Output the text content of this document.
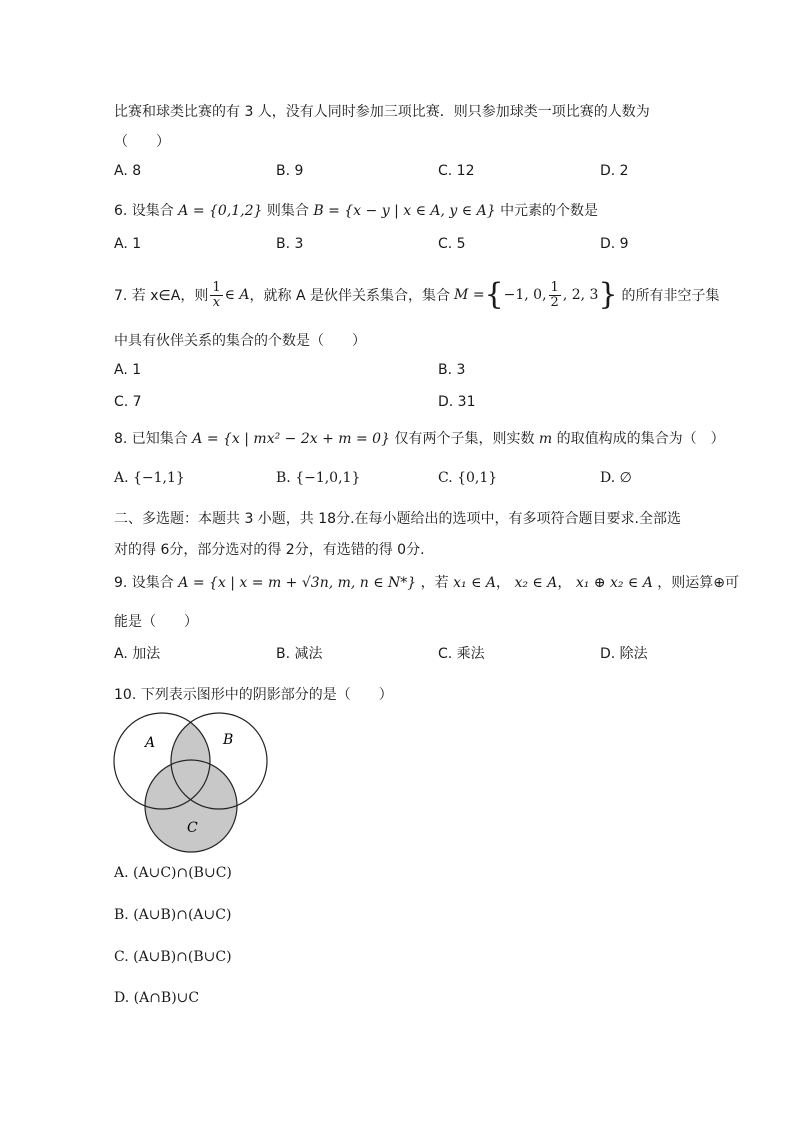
比赛和球类比赛的有 3 人，没有人同时参加三项比赛．则只参加球类一项比赛的人数为
（　　）
A. 8	B. 9	C. 12	D. 2
6. 设集合 A = {0,1,2} 则集合 B = {x − y | x ∈ A, y ∈ A} 中元素的个数是
A. 1	B. 3	C. 5	D. 9
7. 若 x∈A，则 $\frac{1}{x}$ ∈ A ，就称 A 是伙伴关系集合，集合 M = { −1, 0, $\frac{1}{2}$ , 2, 3 } 的所有非空子集
中具有伙伴关系的集合的个数是（　　）
A. 1	B. 3
C. 7	D. 31
8. 已知集合 A = {x | mx² − 2x + m = 0} 仅有两个子集，则实数 m 的取值构成的集合为（　）
A. {−1,1}	B. {−1,0,1}	C. {0,1}	D. ∅
二、多选题：本题共 3 小题，共 18分.在每小题给出的选项中，有多项符合题目要求.全部选
对的得 6分，部分选对的得 2分，有选错的得 0分.
9. 设集合 A = {x | x = m + √3n, m, n ∈ N*} ，若 x₁ ∈ A， x₂ ∈ A， x₁ ⊕ x₂ ∈ A ，则运算⊕可
能是（　　）
A. 加法	B. 减法	C. 乘法	D. 除法
10. 下列表示图形中的阴影部分的是（　　）
A	B
C
A. (A∪C)∩(B∪C)
B. (A∪B)∩(A∪C)
C. (A∪B)∩(B∪C)
D. (A∩B)∪C
